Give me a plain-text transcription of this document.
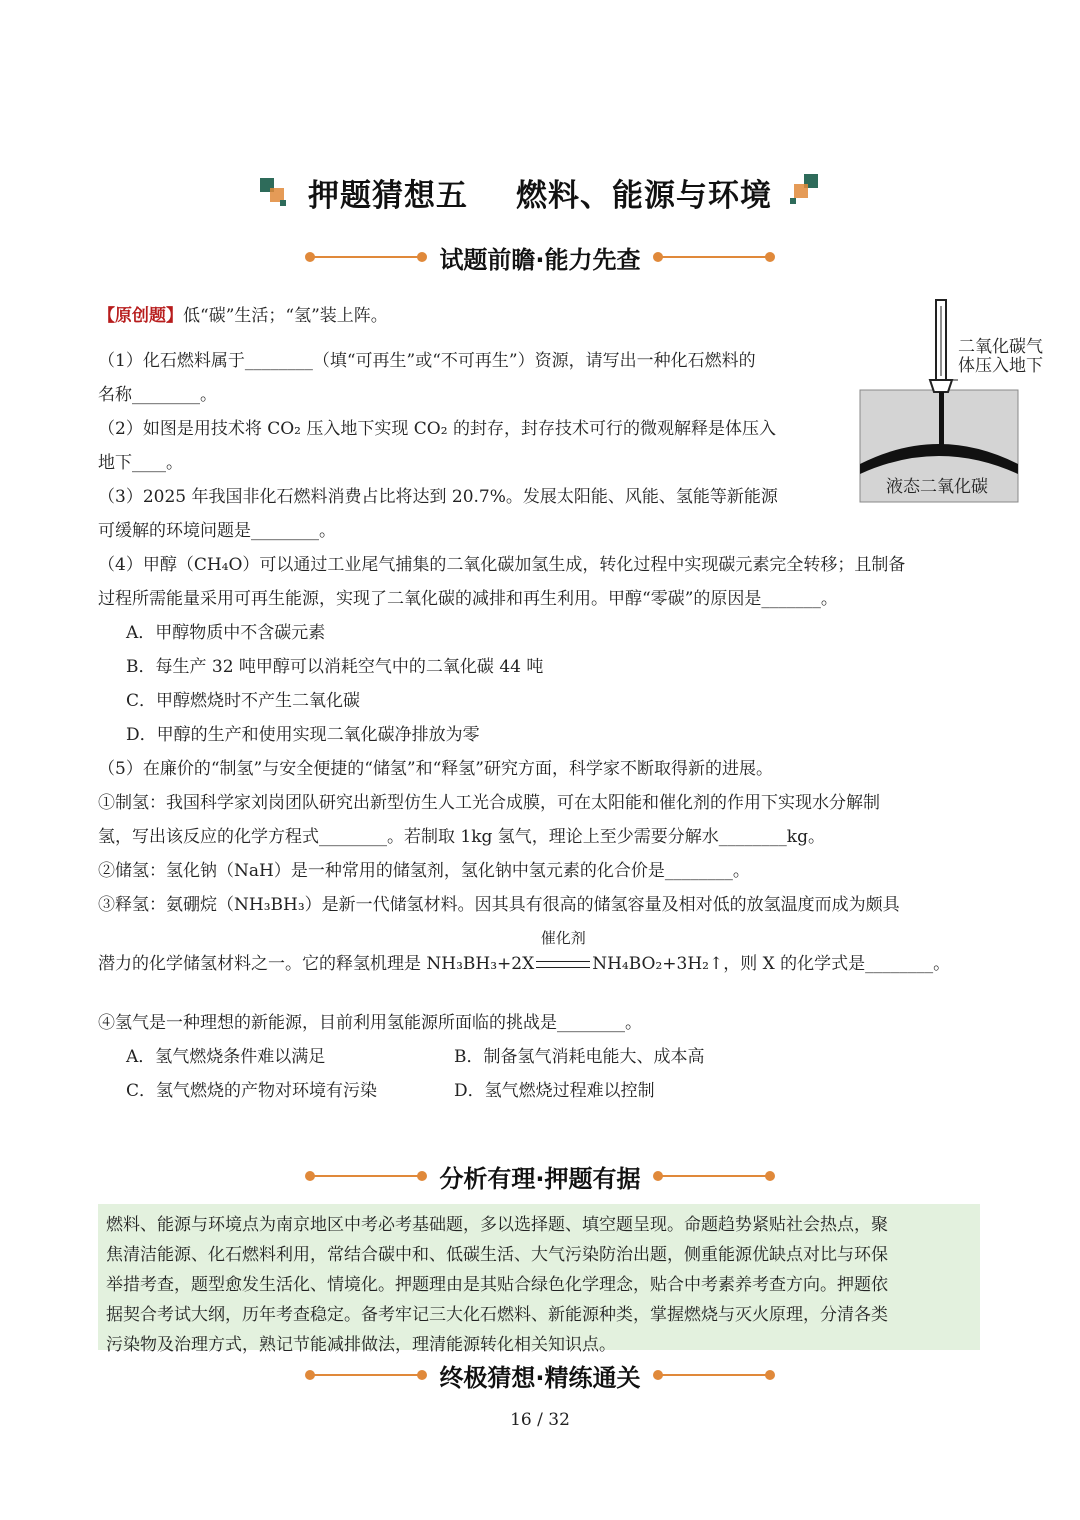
押题猜想五 燃料、能源与环境
试题前瞻·能力先查
【原创题】低“碳”生活；“氢”装上阵。
（1）化石燃料属于________（填“可再生”或“不可再生”）资源，请写出一种化石燃料的
名称________。
（2）如图是用技术将 CO₂ 压入地下实现 CO₂ 的封存，封存技术可行的微观解释是体压入
地下____。
（3）2025 年我国非化石燃料消费占比将达到 20.7%。发展太阳能、风能、氢能等新能源
可缓解的环境问题是________。
（4）甲醇（CH₄O）可以通过工业尾气捕集的二氧化碳加氢生成，转化过程中实现碳元素完全转移；且制备
过程所需能量采用可再生能源，实现了二氧化碳的减排和再生利用。甲醇“零碳”的原因是_______。
A．甲醇物质中不含碳元素
B．每生产 32 吨甲醇可以消耗空气中的二氧化碳 44 吨
C．甲醇燃烧时不产生二氧化碳
D．甲醇的生产和使用实现二氧化碳净排放为零
（5）在廉价的“制氢”与安全便捷的“储氢”和“释氢”研究方面，科学家不断取得新的进展。
①制氢：我国科学家刘岗团队研究出新型仿生人工光合成膜，可在太阳能和催化剂的作用下实现水分解制
氢，写出该反应的化学方程式________。若制取 1kg 氢气，理论上至少需要分解水________kg。
②储氢：氢化钠（NaH）是一种常用的储氢剂，氢化钠中氢元素的化合价是________。
③释氢：氨硼烷（NH₃BH₃）是新一代储氢材料。因其具有很高的储氢容量及相对低的放氢温度而成为颇具
潜力的化学储氢材料之一。它的释氢机理是 NH₃BH₃+2X
催化剂
NH₄BO₂+3H₂↑，则 X 的化学式是________。
④氢气是一种理想的新能源，目前利用氢能源所面临的挑战是________。
A．氢气燃烧条件难以满足	B．制备氢气消耗电能大、成本高
C．氢气燃烧的产物对环境有污染	D．氢气燃烧过程难以控制
二氧化碳气
体压入地下
液态二氧化碳
分析有理·押题有据
燃料、能源与环境点为南京地区中考必考基础题，多以选择题、填空题呈现。命题趋势紧贴社会热点，聚
焦清洁能源、化石燃料利用，常结合碳中和、低碳生活、大气污染防治出题，侧重能源优缺点对比与环保
举措考查，题型愈发生活化、情境化。押题理由是其贴合绿色化学理念，贴合中考素养考查方向。押题依
据契合考试大纲，历年考查稳定。备考牢记三大化石燃料、新能源种类，掌握燃烧与灭火原理，分清各类
污染物及治理方式，熟记节能减排做法，理清能源转化相关知识点。
终极猜想·精练通关
16 / 32
